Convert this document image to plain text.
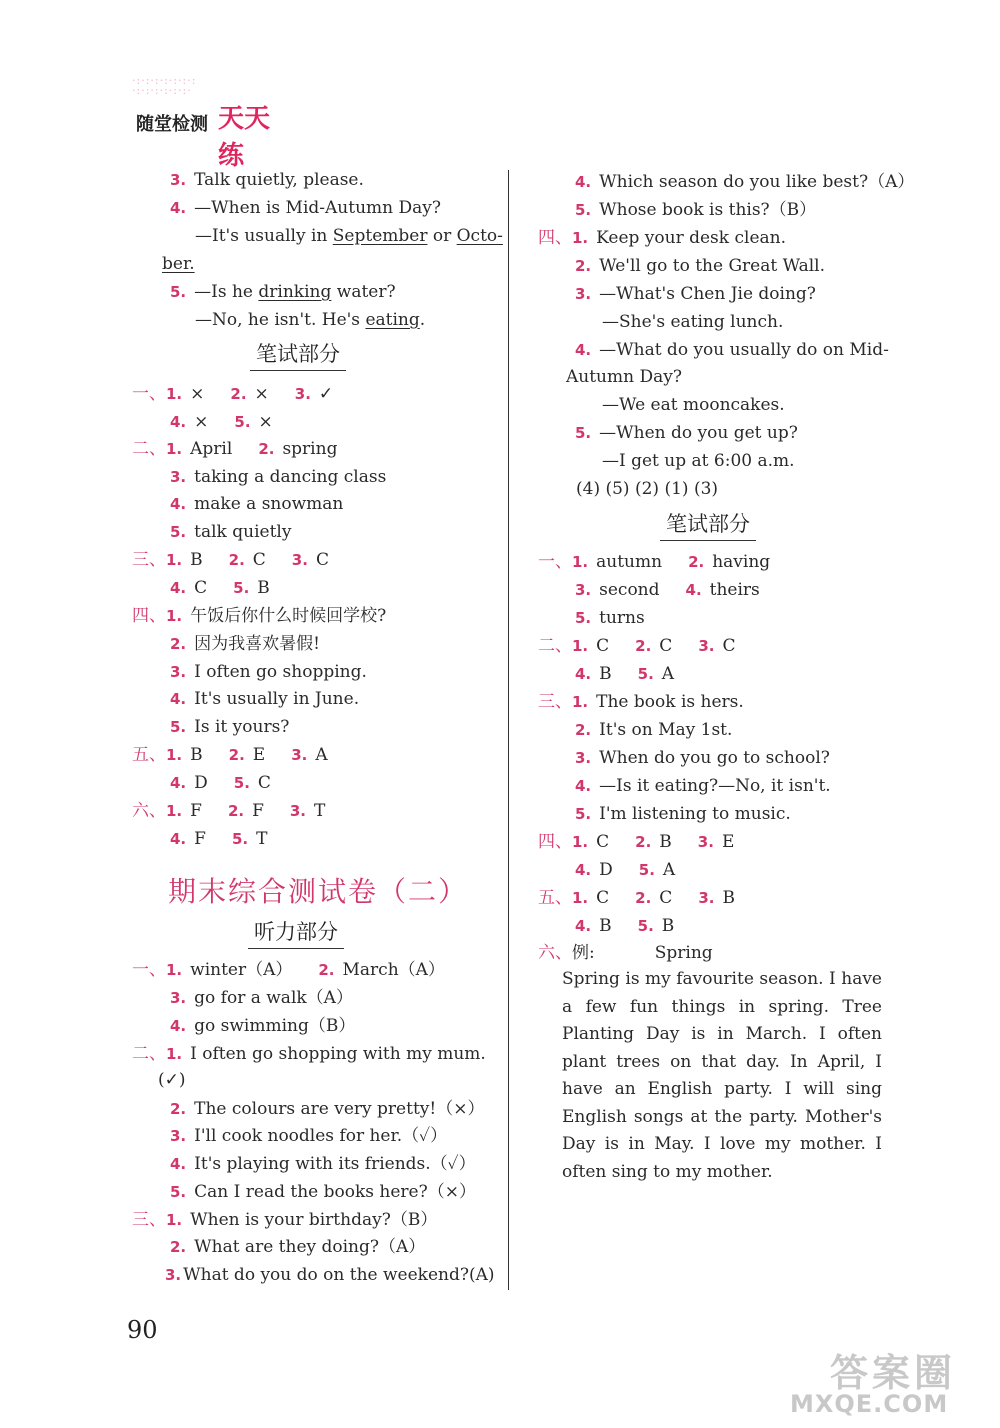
·:·:·:·:·:·:·:
·:·:·:·:·:·:·
随堂检测 天天练
3. Talk quietly, please.
4. —When is Mid-Autumn Day?
—It's usually in September or Octo-
ber.
5. —Is he drinking water?
—No, he isn't. He's eating.
笔试部分
一、1. × 2. × 3. ✓
4. × 5. ×
二、1. April 2. spring
3. taking a dancing class
4. make a snowman
5. talk quietly
三、1. B 2. C 3. C
4. C 5. B
四、1. 午饭后你什么时候回学校?
2. 因为我喜欢暑假!
3. I often go shopping.
4. It's usually in June.
5. Is it yours?
五、1. B 2. E 3. A
4. D 5. C
六、1. F 2. F 3. T
4. F 5. T
期末综合测试卷（二）
听力部分
一、1. winter（A） 2. March（A）
3. go for a walk（A）
4. go swimming（B）
二、1. I often go shopping with my mum.
(✓)
2. The colours are very pretty!（×）
3. I'll cook noodles for her.（✓）
4. It's playing with its friends.（✓）
5. Can I read the books here?（×）
三、1. When is your birthday?（B）
2. What are they doing?（A）
3. What do you do on the weekend?(A)
90
4. Which season do you like best?（A）
5. Whose book is this?（B）
四、1. Keep your desk clean.
2. We'll go to the Great Wall.
3. —What's Chen Jie doing?
—She's eating lunch.
4. —What do you usually do on Mid-
Autumn Day?
—We eat mooncakes.
5. —When do you get up?
—I get up at 6:00 a.m.
(4) (5) (2) (1) (3)
笔试部分
一、1. autumn 2. having
3. second 4. theirs
5. turns
二、1. C 2. C 3. C
4. B 5. A
三、1. The book is hers.
2. It's on May 1st.
3. When do you go to school?
4. —Is it eating?—No, it isn't.
5. I'm listening to music.
四、1. C 2. B 3. E
4. D 5. A
五、1. C 2. C 3. B
4. B 5. B
六、例:	Spring
Spring is my favourite season. I have a few fun things in spring. Tree Planting Day is in March. I often plant trees on that day. In April, I have an English party. I will sing English songs at the party. Mother's Day is in May. I love my mother. I often sing to my mother.
答案圈
MXQE.COM
